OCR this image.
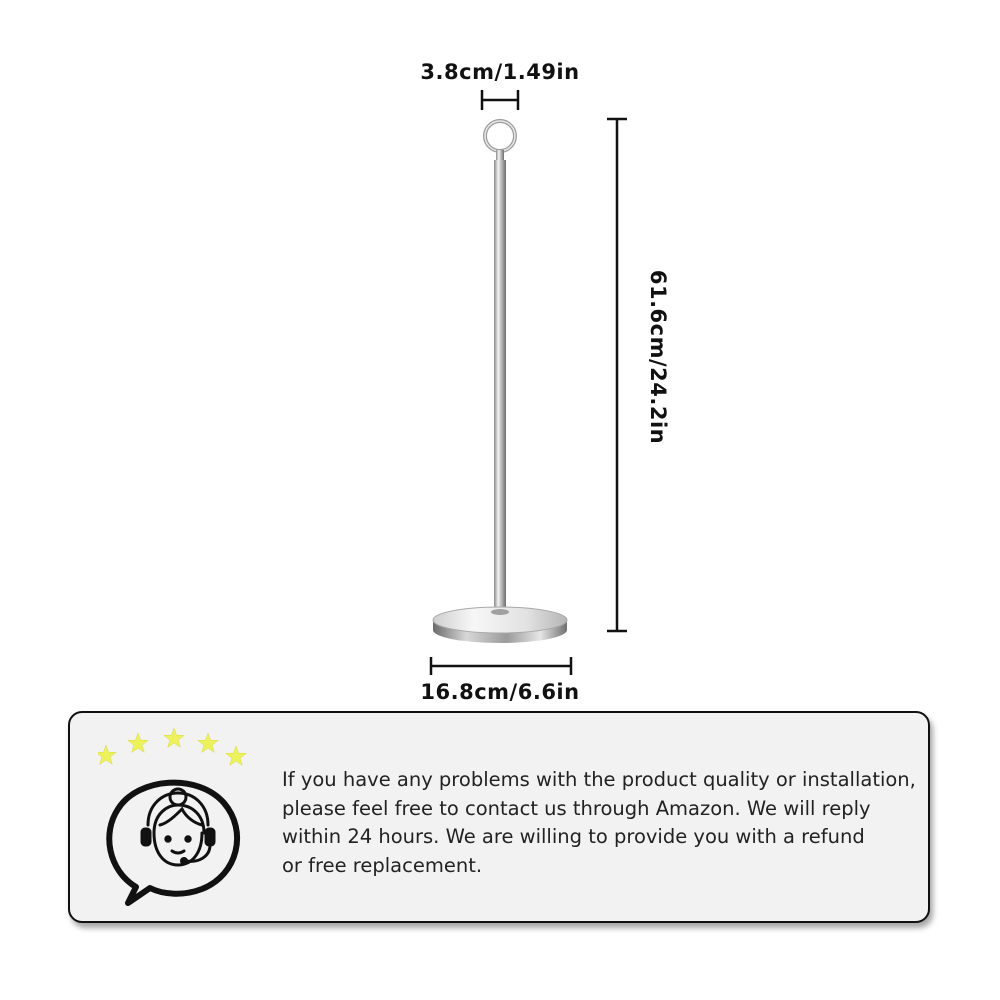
3.8cm/1.49in
61.6cm/24.2in
16.8cm/6.6in

If you have any problems with the product quality or installation,
please feel free to contact us through Amazon. We will reply
within 24 hours. We are willing to provide you with a refund
or free replacement.
